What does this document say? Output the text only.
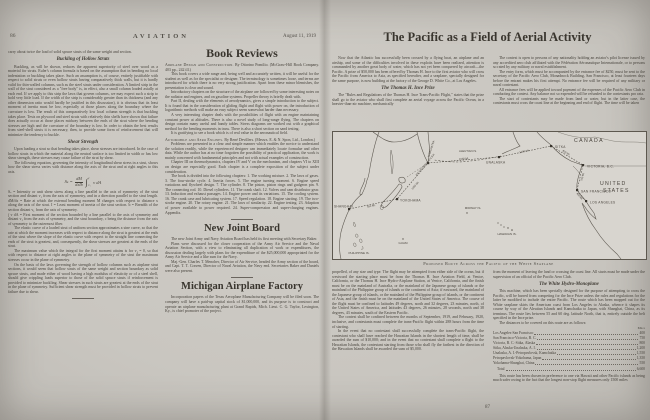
86	AVIATION	August 11, 1919

carry about twice the load of solid spruce struts of the same weight and section.

Buckling of Hollow Struts

Buckling, as will be shown, reduces the apparent superiority of steel over wood as a material for struts. Euler's column formula is based on the assumption that in bending no local indentation or buckling takes place. Such an assumption is, of course, entirely justifiable with respect to solid struts or even hollow struts having comparatively thick walls, but it is hardly valid for thin-walled columns, such as the steel struts under consideration. A limited strip in the wall of the strut considered as a "free body" is, in effect, also a small column loaded axially at each end. If we apply to this strip the laws that govern columns, we may expect such a strip to hold very little load. If the width of the strip is considerably greater than its thickness (and any other dimension ratio would hardly be justified in this discussion), it is obvious that its least moment of inertia must be low, especially at those places along the boundary where the curvature is low. The result of this comparatively low local column strength is that buckling takes place. Tests on plywood and steel struts with relatively thin shells have shown that failure does actually occur at those places midway between the ends of the strut where the bending stresses are high and the curvature of the boundary is low. In order to obtain the best results from steel-shell struts it is necessary, then, to provide some form of reinforcement that will minimize the tendency to buckle.

Shear Strength

Upon loading a strut so that bending takes place, shear stresses are introduced. In the case of hollow struts in which the material along the neutral surface is too limited in width or has low shear strength, these stresses may cause failure of the strut by shear.

The following equation, governing the intensity of longitudinal shear stress in a strut, shows how the shear stress varies with distance along the axis of the strut and at right angles to this axis.

$S_s = \frac{dM}{\text{dxIb}}$ ∫ c
v₁
v dA

Sₛ = Intensity or unit shear stress along a line parallel to the axis of symmetry of the strut section and distant v₁ from the axis of symmetry, and in a direction parallel to the strut length. dM/dx = Rate at which the external bending moment M changes with respect to distance x along the axis of the strut. I = Least moment of inertia of the strut section. b = Breadth of the section distant v₁ from the axis of symmetry.

∫ v dA = First moment of the section bounded by a line parallel to the axis of symmetry and distant v₁ from the axis of symmetry, and the strut boundary, c being the distance from the axis of symmetry to the outermost fiber.

The elastic curve of a loaded strut of uniform section approximates a sine curve, so that the rate at which the moment increases with respect to distance along the strut is greatest at the ends of the strut where the slope of the elastic curve with respect to the straight line connecting the ends of the strut is greatest, and, consequently, the shear stresses are greatest at the ends of the strut.

The maximum value which the integral for the first moment attains is for v₁ = 0, so that with respect to distance at right angles to the plane of symmetry of the strut the maximum stresses occur in the plane of symmetry.

On the basis of the laws governing the strength of hollow columns such as airplane strut sections, it would seem that hollow struts of the same weight and section boundary as solid spruce struts, and made either of wood having a high modulus of elasticity or of a steel shell, should give crippling loads superior to those of the solid spruce struts if reinforcement is provided to minimize buckling. Shear stresses in such struts are greatest at the ends of the strut in the plane of symmetry. Sufficient shear strength must be provided in hollow struts to prevent failure due to shear.

Book Reviews

Airplane Design and Construction. By Ottorino Pomilio. (McGraw-Hill Book Company. 403 pp., 242 ill.)

This book covers a wide range and, being well and accurately written, it will be useful for the student as well as for the specialist or designer. The terminology is sometimes loose, and terms are introduced for which there is no very strong justification. Apart from these minor blemishes, the presentation is clear and sound.

Introductory chapters on the structure of the airplane are followed by some interesting notes on the radiator and engines, and on gasoline systems. Propeller theory is briefly dealt with.

Part II, dealing with the elements of aerodynamics, gives a simple introduction to the subject. It is found that in the consideration of gliding flight and flight with power on, the introduction of logarithmic methods will make an easy subject seem somewhat harder than necessary.

A very interesting chapter deals with the possibilities of flight with an engine maintaining constant power at altitudes. There is also a novel study of long-range flying. The chapters on design contain many useful and handy tables. Stress diagrams are worked out with a graphical method for the bending moments in truss. There is also a short section on sand testing.

It is gratifying to see a book which is of real value in the aeronautical field.

Automobile and Aero Engines. By René Devillers. (Messrs. E. & N. Spon, Ltd., London.)

Problems are presented in a clear and simple manner which enables the novice to understand the solution readily, while the experienced designer can immediately locate formulae and other data. While the author has at no time forgotten the possibility of practical application, the work is mainly concerned with fundamental principles and not with actual examples of construction.

Chapter III on thermodynamics, chapters IV and V on the mechanism, and chapters VI to XIII on design are especially good. Each chapter is a complete exposition of the subject under consideration.

The book is divided into the following chapters: 1. The working mixture. 2. The laws of gases. 3. The four-stroke cycle. 4. Inertia forces. 5. The engine turning moment. 6. Engine speed variations and flywheel design. 7. The cylinder. 8. The piston, piston rings and gudgeon pin. 9. The connecting rod. 10. Diesel cylinders. 11. The crank shaft. 12. Valves and cam distributor gear. 13. Induction and exhaust passages. 14. Engine power and its variations. 15. The cooling system. 16. The crank case and lubricating system. 17. Speed regulation. 18. Engine starting. 19. The two-stroke engine. 20. The rotary engine. 21. The laws of similarity. 22. Engine testing. 23. Adaption of power available to power required. 24. Super-compression and super-charging engines. Appendix.

New Joint Board

The new Joint Army and Navy Aviation Board has held its first meeting with Secretary Baker.

Plans were discussed for the closer cooperation of the Army Air Service and the Naval Aviation Section, with a view to eliminating all duplication of work or expenditures, the discussion dealing largely with plans for the expenditure of the $25,000,000 appropriated for the Army Air Service and a like sum for the Navy.

Maj.-Gen. Charles T. Menoher, Director of Air Service, headed the Army section of the board, and Capt. T. T. Craven, Director of Naval Aviation, the Navy end. Secretaries Baker and Daniels were also present.

Michigan Airplane Factory

Incorporation papers of the Texas Aeroplane Manufacturing Company will be filed soon. The company will have a paid-up capital stock of $1,000,000, and its purpose is to construct and operate an airplane manufacturing plant at Grand Rapids, Mich. Lieut. C. G. Taylor, Lexington, Ky., is chief promoter of the project.

The Pacific as a Field of Aerial Activity

Now that the Atlantic has successfully been crossed by a flying boat, an airplane and an airship, and some of the difficulties involved in these exploits have been realized, attention is commanded by another great body of water, which has not yet been conquered by aircraft—the Pacific. A prize of $50,000 has been offered by Thomas H. Ince to the first aviator who will cross the Pacific from America to Asia, as specified hereafter, and a seaplane, specially designed for the same purpose, is now building at the factory of the George D. White Co., at Los Angeles.

The Thomas H. Ince Prize

The "Rules and Regulations of the Thomas H. Ince Trans-Pacific Flight," states that the prize shall go to the aviator who shall first complete an aerial voyage across the Pacific Ocean, in a heavier-than-air machine, mechanically

The contest is open to persons of any nationality holding an aviator's pilot license issued by any accredited aero club affiliated with the Fédération Aéronautique Internationale, or to persons so rated by any military or naval establishment.

The entry form, which must be accompanied by the entrance fee of $250, must be sent to the secretary of the Pacific Aero Club, Monadnock Building, San Francisco, at least fourteen days before the entrant makes his first attempt. No entrance fee will be required of any military or naval contestant.

All entrance fees will be applied toward payment of the expenses of the Pacific Aero Club in conducting the contest. Any balance not so expended will be refunded to the contestants pro rata.

The start of contestants may be made from land or water, but in the latter case, the contestants must cross the coast line at the beginning and end of flight. The time will be taken

SHANGHAI
YOKOHAMA
PETROPAVLOVSK	UNALASKA
SITKA
VICTORIA, B.C.
SAN FRANCISCO
LOS ANGELES
CANADA
UNITED
STATES
KAMCHATKA	ALEUTIAN IS.
MIDWAY IS.
HAWAIIAN IS.
PHILIPPINE IS.
GUAM
550 MI.
1350 MI.
1550 MI.
1200 MI.	800 MI.
750 MI.
400 MI.
Proposed Route Across the Pacific of the White Seaplane

propelled, of any size and type. The flight may be attempted from either side of the ocean, but if westward the starting place must be from the Thomas H. Ince Aviation Field, at Venice, California, or the Thomas H. Ince Hydro-Airplane Station, at Venice, California, and the finish must be on the mainland of Australia, or the mainland of the Japanese group of islands or the mainland of the Philippine group of islands or the continent of Asia; if eastward, the mainland of the Japanese group of islands, or the mainland of the Philippine group of islands, or the continent of Asia, and the finish must be on the mainland of the United States of America. The course of the flight must be confined to latitudes 49 degrees, north and 32 degrees, 23 minutes, north, of the United States of America, and latitudes 43 degrees, 26 minutes, 28 seconds, north and 38 degrees, 43 minutes, south of the Eastern Pacific.

The contest shall be confined between the months of September, 1919, and February, 1920, inclusive, and contestants must complete the trans-Pacific flight within 288 hours from the time of starting.

In the event that no contestant shall successfully complete the trans-Pacific flight, the contestant who shall have reached the Hawaiian Islands in the shortest length of time, shall be awarded the sum of $10,000; and in the event that no contestant shall complete a flight to the Hawaiian Islands, the contestant starting from those who shall fly the farthest in the direction of the Hawaiian Islands shall be awarded the sum of $5,000.

from the moment of leaving the land or crossing the coast line. All starts must be made under the supervision of an official of the Pacific Aero Club.

The White Hydro-Monoplane

This machine, which has been specially designed for the purpose of attempting to cross the Pacific, will be barred from competing for the Ince Prize unless the rules and regulations for the latter be modified to include the entire Pacific. The route which has been mapped out for the White seaplane skirts the American coast from Los Angeles to Alaska, whence it shapes its course by way of the Aleutian Islands and Kamchatka to Japan, with Shanghai, China, as its terminus. The route lies between 55 and 60 deg. latitude North, that is, entirely outside the belt specified in the Ince prize.

The distances to be covered on this route are as follows:

Miles
Los Angeles-San Francisco	400
San Francisco-Victoria, B. C.	750
Victoria, B. C.-Sitka, Alaska	800
Sitka, Alaska-Unalaska, A. I.	1,200
Unalaska, A. I.-Petropavlovsk, Kamchatka	1,550
Petropavlovsk-Yokohama, Japan	1,350
Yokohama-Shanghai, China	550
Total	6,600

This route has been chosen in preference to one via Hawaii and other Pacific islands as being much safer owing to the fact that the longest non-stop flight measures only 1500 miles

87
